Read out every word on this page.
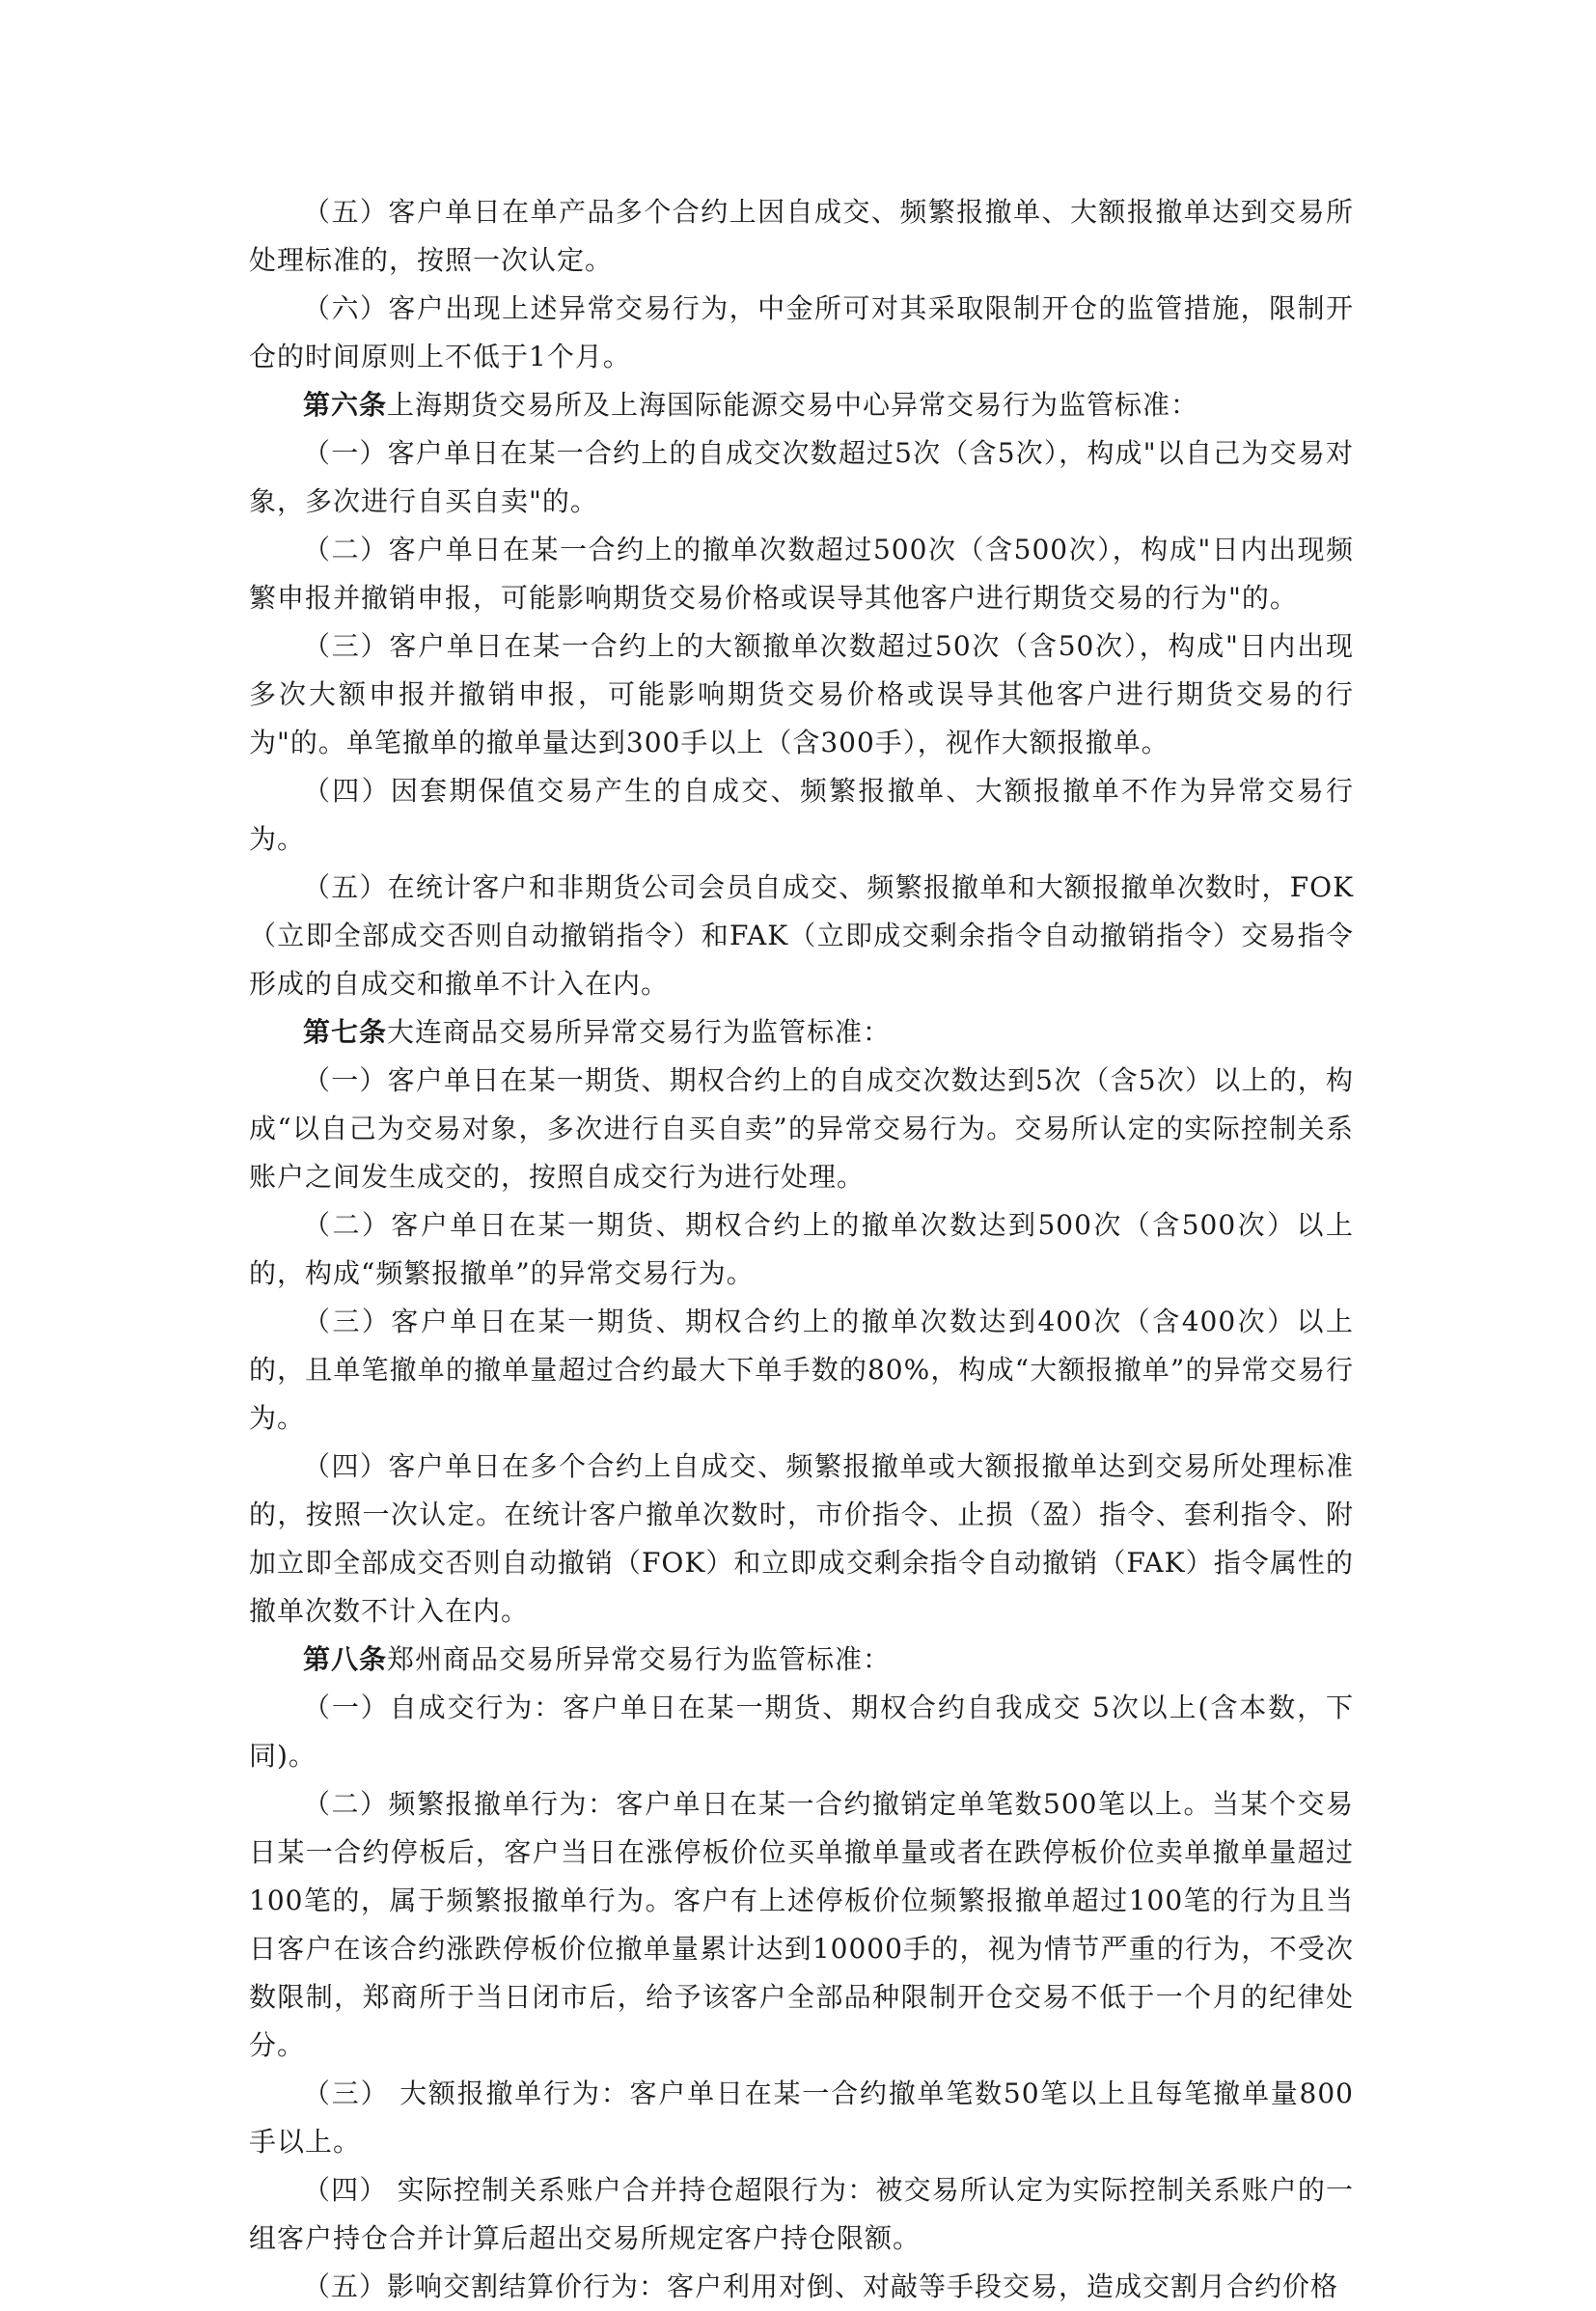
（五）客户单日在单产品多个合约上因自成交、频繁报撤单、大额报撤单达到交易所处理标准的，按照一次认定。

（六）客户出现上述异常交易行为，中金所可对其采取限制开仓的监管措施，限制开仓的时间原则上不低于1个月。

第六条上海期货交易所及上海国际能源交易中心异常交易行为监管标准：

（一）客户单日在某一合约上的自成交次数超过5次（含5次），构成"以自己为交易对象，多次进行自买自卖"的。

（二）客户单日在某一合约上的撤单次数超过500次（含500次），构成"日内出现频繁申报并撤销申报，可能影响期货交易价格或误导其他客户进行期货交易的行为"的。

（三）客户单日在某一合约上的大额撤单次数超过50次（含50次），构成"日内出现多次大额申报并撤销申报，可能影响期货交易价格或误导其他客户进行期货交易的行为"的。单笔撤单的撤单量达到300手以上（含300手），视作大额报撤单。

（四）因套期保值交易产生的自成交、频繁报撤单、大额报撤单不作为异常交易行为。

（五）在统计客户和非期货公司会员自成交、频繁报撤单和大额报撤单次数时，FOK（立即全部成交否则自动撤销指令）和FAK（立即成交剩余指令自动撤销指令）交易指令形成的自成交和撤单不计入在内。

第七条大连商品交易所异常交易行为监管标准：

（一）客户单日在某一期货、期权合约上的自成交次数达到5次（含5次）以上的，构成“以自己为交易对象，多次进行自买自卖”的异常交易行为。交易所认定的实际控制关系账户之间发生成交的，按照自成交行为进行处理。

（二）客户单日在某一期货、期权合约上的撤单次数达到500次（含500次）以上的，构成“频繁报撤单”的异常交易行为。

（三）客户单日在某一期货、期权合约上的撤单次数达到400次（含400次）以上的，且单笔撤单的撤单量超过合约最大下单手数的80%，构成“大额报撤单”的异常交易行为。

（四）客户单日在多个合约上自成交、频繁报撤单或大额报撤单达到交易所处理标准的，按照一次认定。在统计客户撤单次数时，市价指令、止损（盈）指令、套利指令、附加立即全部成交否则自动撤销（FOK）和立即成交剩余指令自动撤销（FAK）指令属性的撤单次数不计入在内。

第八条郑州商品交易所异常交易行为监管标准：

（一）自成交行为：客户单日在某一期货、期权合约自我成交 5次以上(含本数，下同)。

（二）频繁报撤单行为：客户单日在某一合约撤销定单笔数500笔以上。当某个交易日某一合约停板后，客户当日在涨停板价位买单撤单量或者在跌停板价位卖单撤单量超过100笔的，属于频繁报撤单行为。客户有上述停板价位频繁报撤单超过100笔的行为且当日客户在该合约涨跌停板价位撤单量累计达到10000手的，视为情节严重的行为，不受次数限制，郑商所于当日闭市后，给予该客户全部品种限制开仓交易不低于一个月的纪律处分。

（三） 大额报撤单行为：客户单日在某一合约撤单笔数50笔以上且每笔撤单量800手以上。

（四） 实际控制关系账户合并持仓超限行为：被交易所认定为实际控制关系账户的一组客户持仓合并计算后超出交易所规定客户持仓限额。

（五）影响交割结算价行为：客户利用对倒、对敲等手段交易，造成交割月合约价格
